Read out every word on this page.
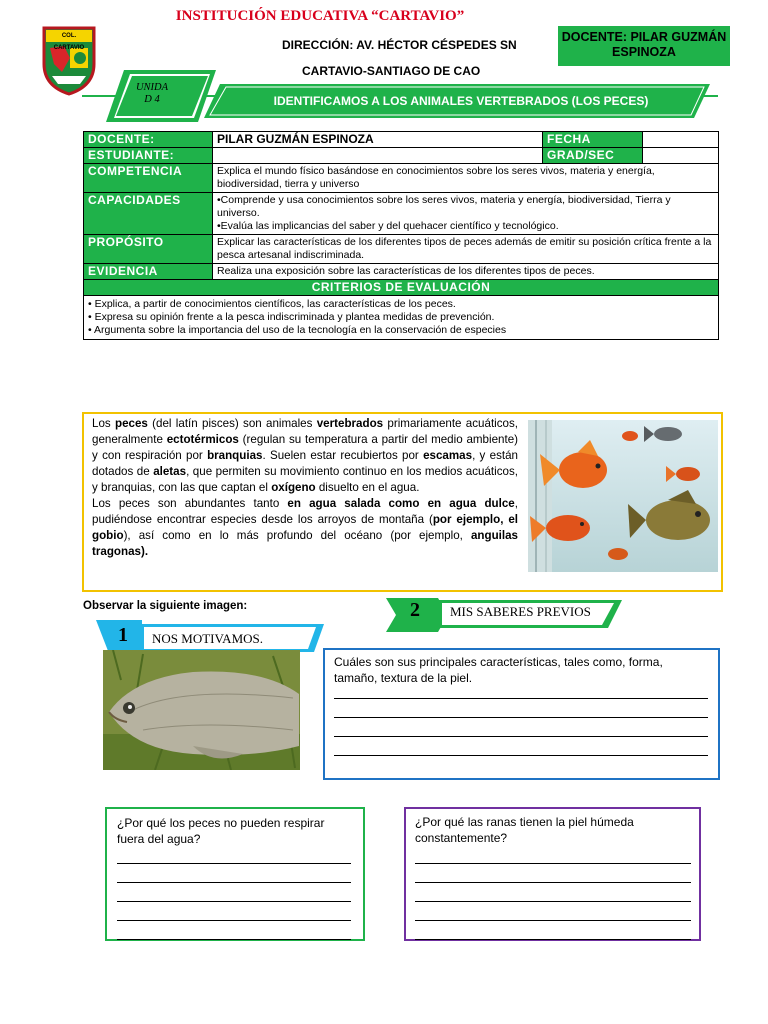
COL. CARTAVIO
INSTITUCIÓN EDUCATIVA “CARTAVIO”
DIRECCIÓN: AV. HÉCTOR CÉSPEDES SN
CARTAVIO-SANTIAGO DE CAO
DOCENTE: PILAR GUZMÁN ESPINOZA
UNIDA
D 4	IDENTIFICAMOS A LOS ANIMALES VERTEBRADOS (LOS PECES)
DOCENTE:	PILAR GUZMÁN ESPINOZA	FECHA	
ESTUDIANTE:		GRAD/SEC	
COMPETENCIA	Explica el mundo físico basándose en conocimientos sobre los seres vivos, materia y energía, biodiversidad, tierra y universo		
CAPACIDADES	•Comprende y usa conocimientos sobre los seres vivos, materia y energía, biodiversidad, Tierra y universo.
•Evalúa las implicancias del saber y del quehacer científico y tecnológico.		

PROPÓSITO	Explicar las características de los diferentes tipos de peces además de emitir su posición crítica frente a la pesca artesanal indiscriminada.		
EVIDENCIA	Realiza una exposición sobre las características de los diferentes tipos de peces.		
CRITERIOS DE EVALUACIÓN			

• Explica, a partir de conocimientos científicos, las características de los peces.
• Expresa su opinión frente a la pesca indiscriminada y plantea medidas de prevención.
• Argumenta sobre la importancia del uso de la tecnología en la conservación de especies			

Los peces (del latín pisces) son animales vertebrados primariamente acuáticos, generalmente ectotérmicos (regulan su temperatura a partir del medio ambiente) y con respiración por branquias. Suelen estar recubiertos por escamas, y están dotados de aletas, que permiten su movimiento continuo en los medios acuáticos, y branquias, con las que captan el oxígeno disuelto en el agua.

Los peces son abundantes tanto en agua salada como en agua dulce, pudiéndose encontrar especies desde los arroyos de montaña (por ejemplo, el gobio), así como en lo más profundo del océano (por ejemplo, anguilas tragonas).

Observar la siguiente imagen:	2 MIS SABERES PREVIOS
1 NOS MOTIVAMOS.
Cuáles son sus principales características, tales como, forma, tamaño, textura de la piel.
¿Por qué los peces no pueden respirar fuera del agua?
¿Por qué las ranas tienen la piel húmeda constantemente?
